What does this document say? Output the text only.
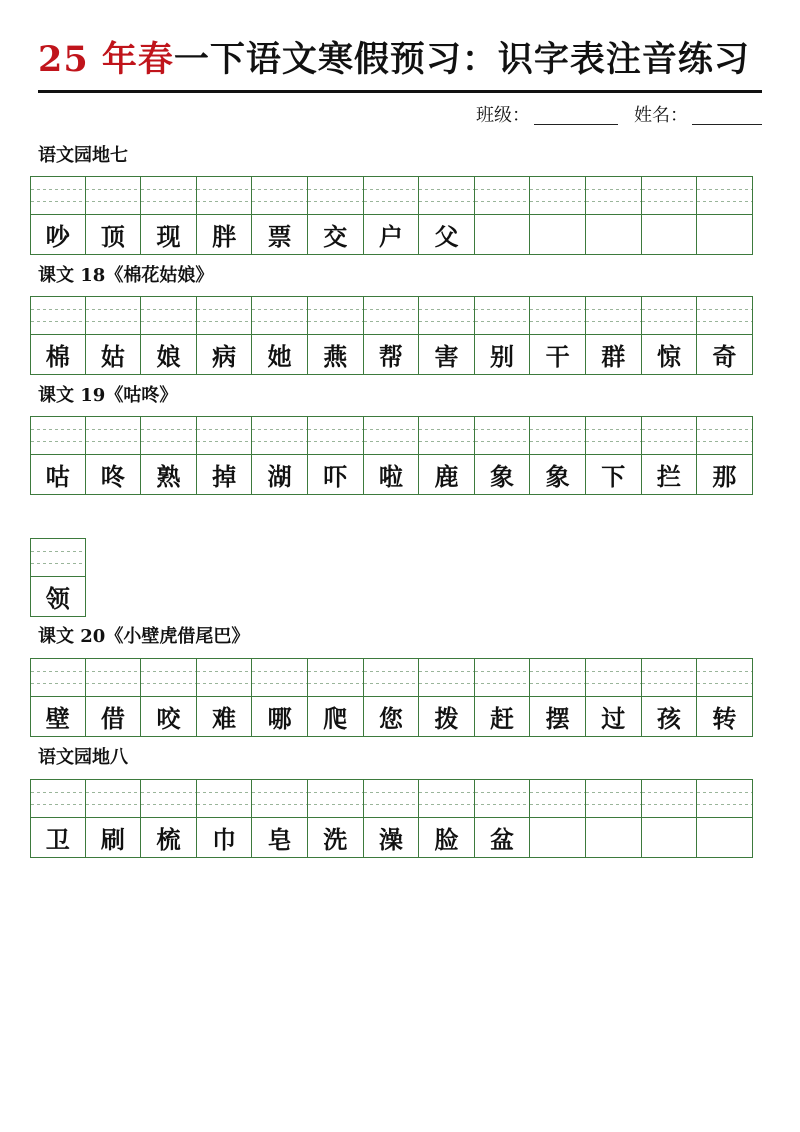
25 年春一下语文寒假预习：识字表注音练习
班级：	姓名：
语文园地七
吵	顶	现	胖	票	交	户	父
课文 18《棉花姑娘》
棉	姑	娘	病	她	燕	帮	害	别	干	群	惊	奇
课文 19《咕咚》
咕	咚	熟	掉	湖	吓	啦	鹿	象	象	下	拦	那
领
课文 20《小壁虎借尾巴》
壁	借	咬	难	哪	爬	您	拨	赶	摆	过	孩	转
语文园地八
卫	刷	梳	巾	皂	洗	澡	脸	盆
